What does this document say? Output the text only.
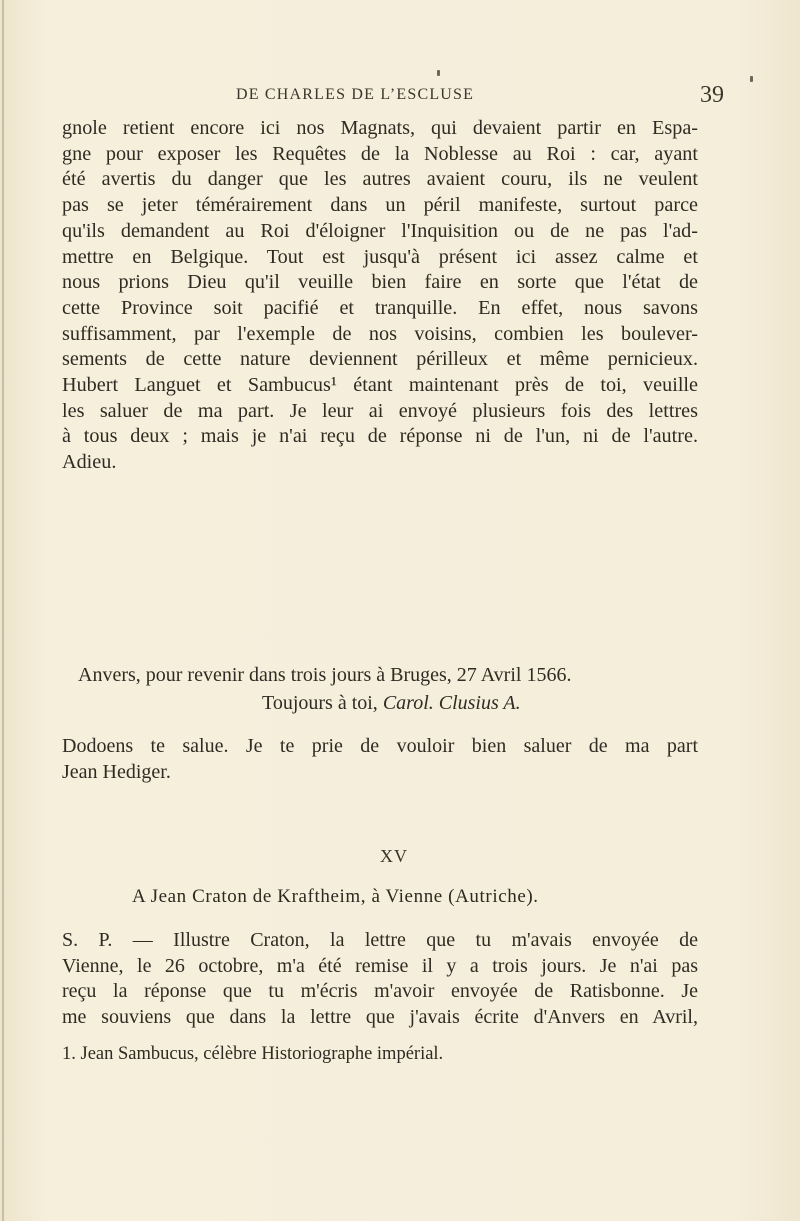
DE CHARLES DE L’ESCLUSE	39
gnole retient encore ici nos Magnats, qui devaient partir en Espa-
gne pour exposer les Requêtes de la Noblesse au Roi : car, ayant
été avertis du danger que les autres avaient couru, ils ne veulent
pas se jeter témérairement dans un péril manifeste, surtout parce
qu'ils demandent au Roi d'éloigner l'Inquisition ou de ne pas l'ad-
mettre en Belgique. Tout est jusqu'à présent ici assez calme et
nous prions Dieu qu'il veuille bien faire en sorte que l'état de
cette Province soit pacifié et tranquille. En effet, nous savons
suffisamment, par l'exemple de nos voisins, combien les boulever-
sements de cette nature deviennent périlleux et même pernicieux.
Hubert Languet et Sambucus¹ étant maintenant près de toi, veuille
les saluer de ma part. Je leur ai envoyé plusieurs fois des lettres
à tous deux ; mais je n'ai reçu de réponse ni de l'un, ni de l'autre.
Adieu.
Anvers, pour revenir dans trois jours à Bruges, 27 Avril 1566.
Toujours à toi, Carol. Clusius A.
Dodoens te salue. Je te prie de vouloir bien saluer de ma part
Jean Hediger.
XV
A Jean Craton de Kraftheim, à Vienne (Autriche).
S. P. — Illustre Craton, la lettre que tu m'avais envoyée de
Vienne, le 26 octobre, m'a été remise il y a trois jours. Je n'ai pas
reçu la réponse que tu m'écris m'avoir envoyée de Ratisbonne. Je
me souviens que dans la lettre que j'avais écrite d'Anvers en Avril,
1. Jean Sambucus, célèbre Historiographe impérial.
